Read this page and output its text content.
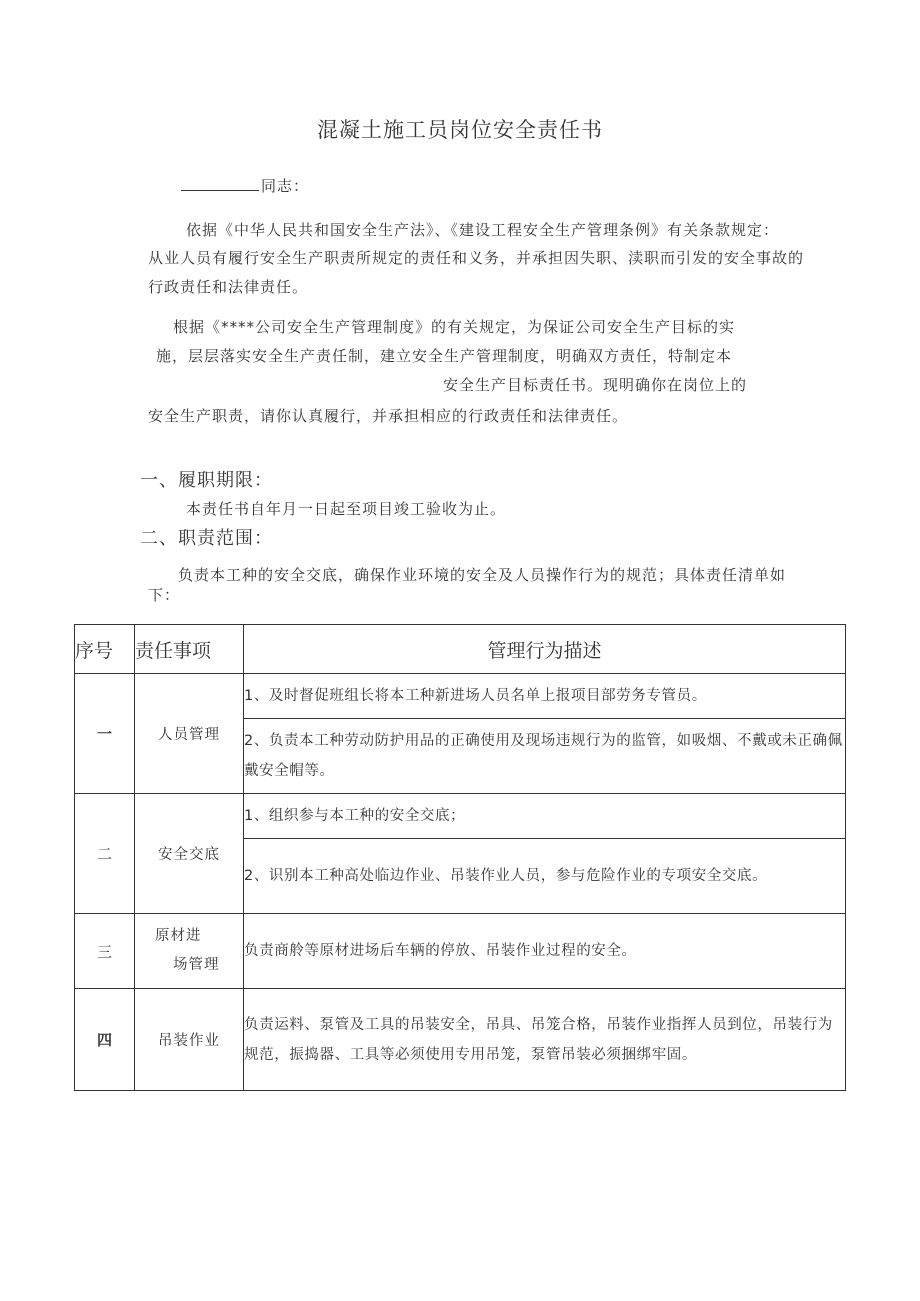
混凝土施工员岗位安全责任书
同志：
依据《中华人民共和国安全生产法》、《建设工程安全生产管理条例》有关条款规定：
从业人员有履行安全生产职责所规定的责任和义务，并承担因失职、渎职而引发的安全事故的
行政责任和法律责任。
根据《****公司安全生产管理制度》的有关规定，为保证公司安全生产目标的实
施，层层落实安全生产责任制，建立安全生产管理制度，明确双方责任，特制定本
安全生产目标责任书。现明确你在岗位上的
安全生产职责，请你认真履行，并承担相应的行政责任和法律责任。
一、履职期限：
本责任书自年月一日起至项目竣工验收为止。
二、职责范围：
负责本工种的安全交底，确保作业环境的安全及人员操作行为的规范；具体责任清单如
下：
序号	责任事项	管理行为描述
一	人员管理	1、及时督促班组长将本工种新进场人员名单上报项目部劳务专管员。
		2、负责本工种劳动防护用品的正确使用及现场违规行为的监管，如吸烟、不戴或未正确佩戴安全帽等。
二	安全交底	1、组织参与本工种的安全交底；
		2、识别本工种高处临边作业、吊装作业人员，参与危险作业的专项安全交底。
三	原材进
场管理	负责商舲等原材进场后车辆的停放、吊装作业过程的安全。
四	吊装作业	负责运料、泵管及工具的吊装安全，吊具、吊笼合格，吊装作业指挥人员到位，吊装行为规范，振捣器、工具等必须使用专用吊笼，泵管吊装必须捆绑牢固。
